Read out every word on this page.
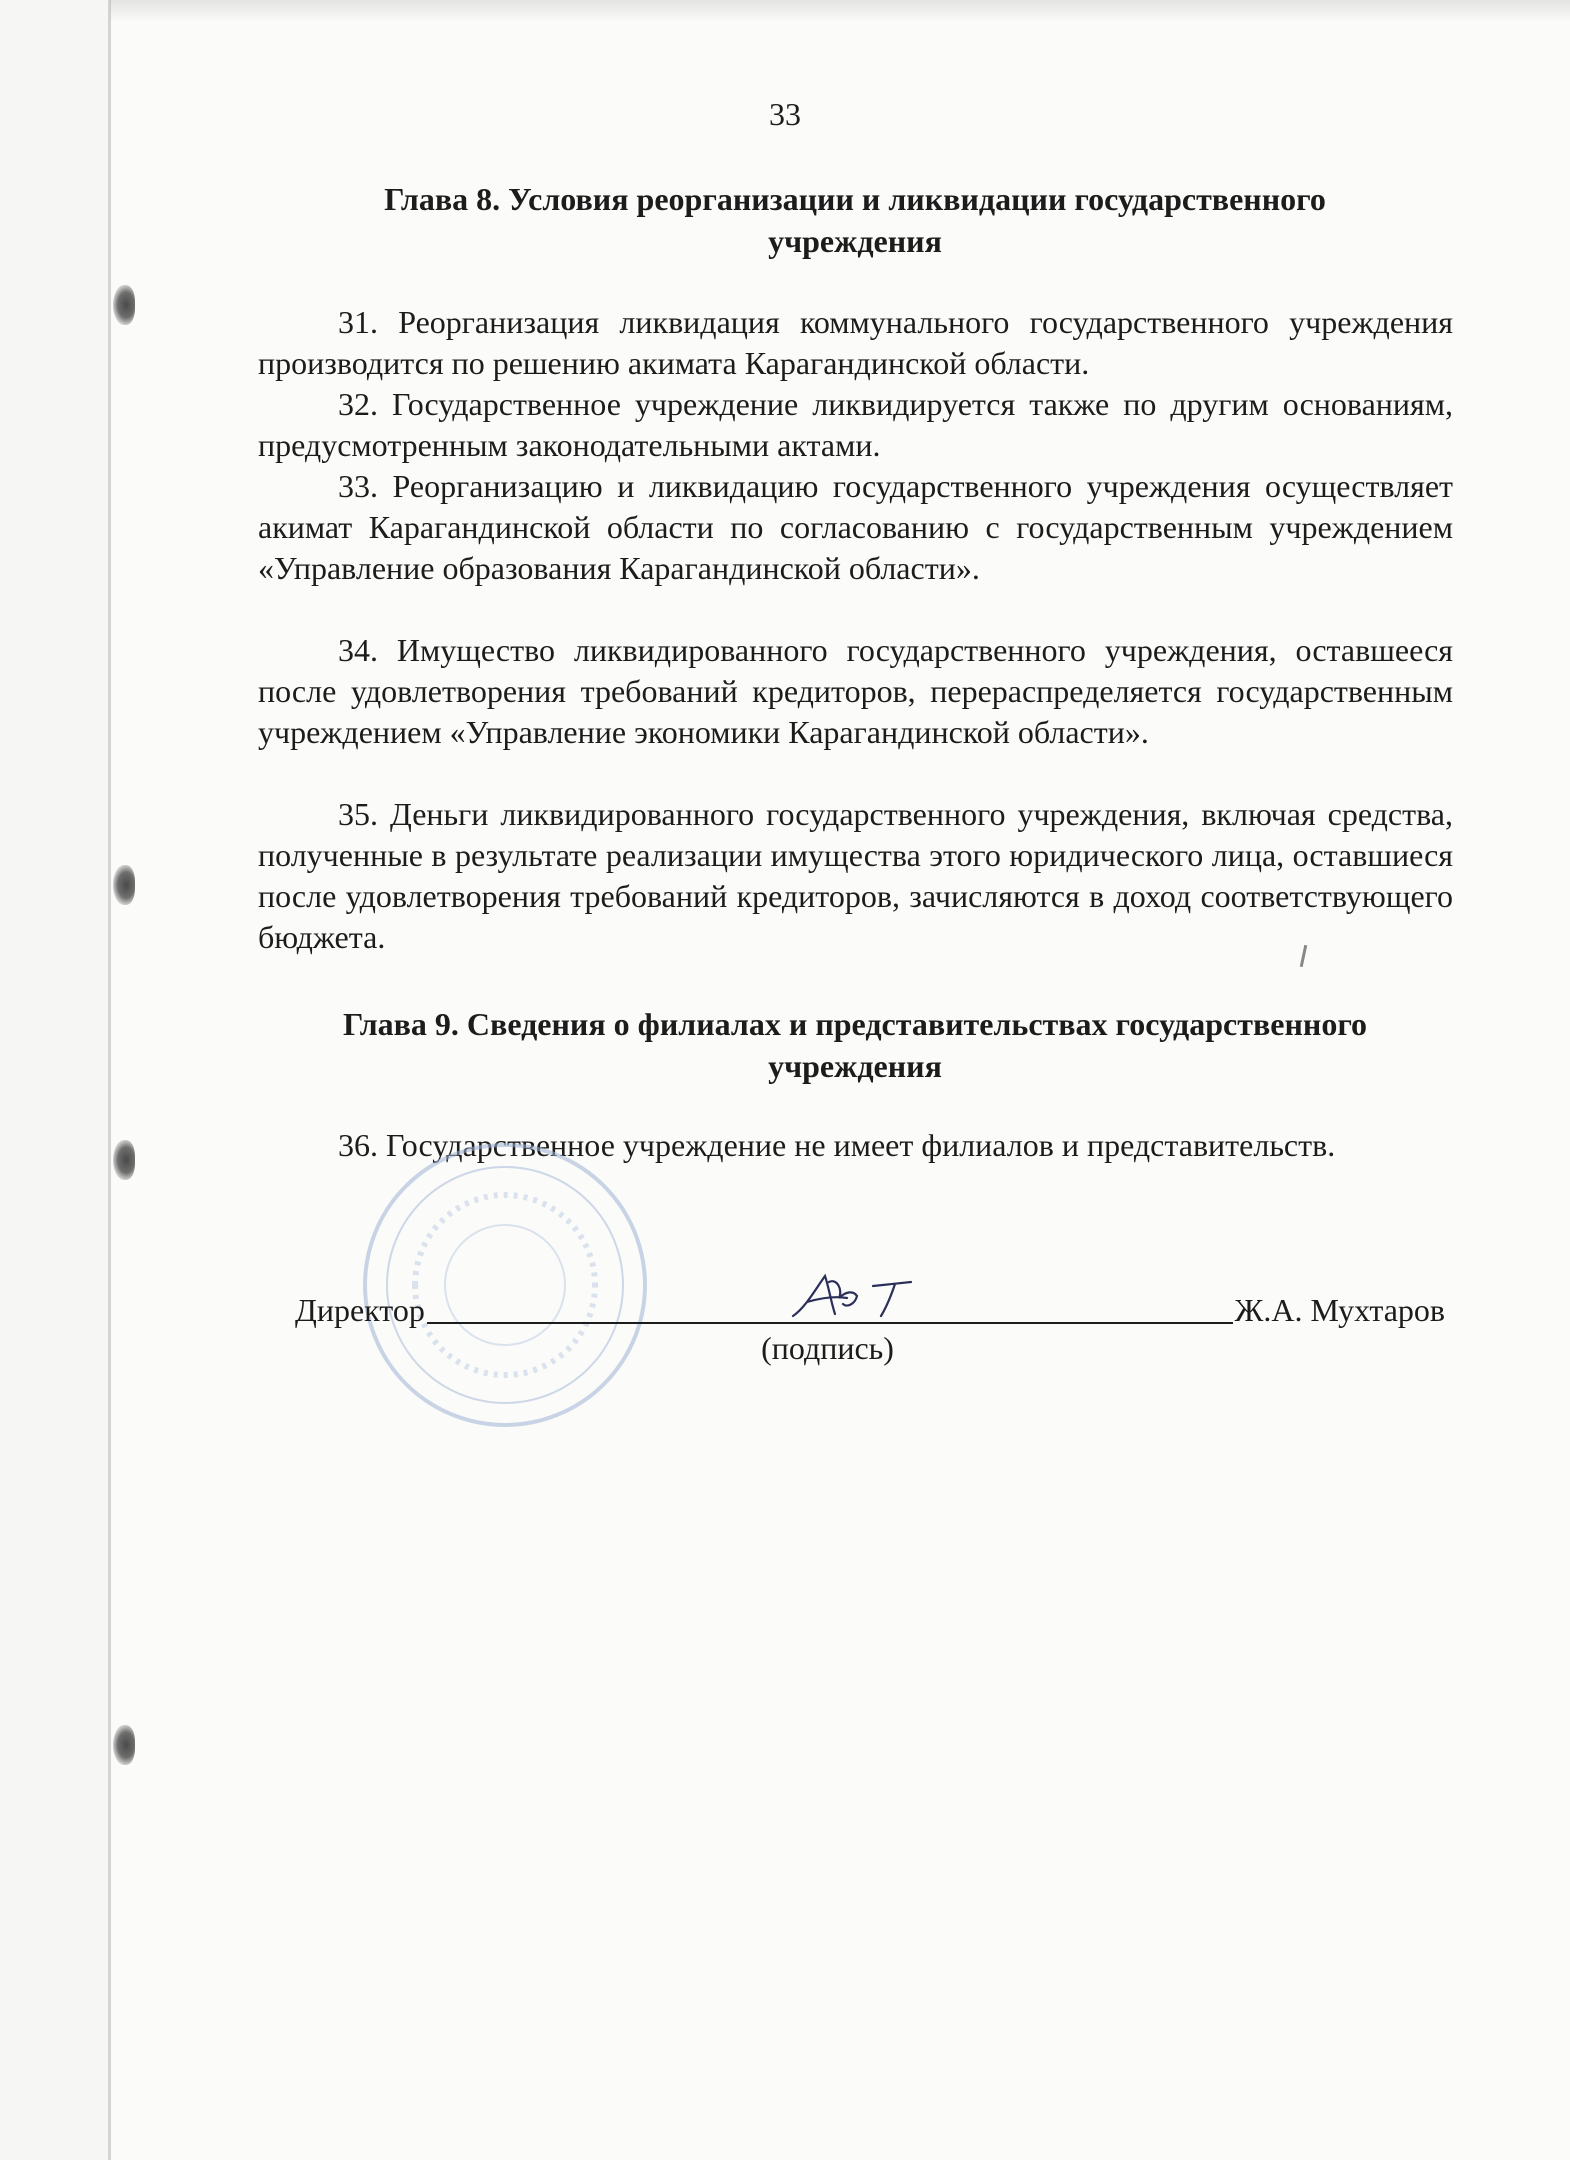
33
Глава 8. Условия реорганизации и ликвидации государственного
учреждения
31. Реорганизация ликвидация коммунального государственного учреждения производится по решению акимата Карагандинской области.
32. Государственное учреждение ликвидируется также по другим основаниям, предусмотренным законодательными актами.
33. Реорганизацию и ликвидацию государственного учреждения осуществляет акимат Карагандинской области по согласованию с государственным учреждением «Управление образования Карагандинской области».
34. Имущество ликвидированного государственного учреждения, оставшееся после удовлетворения требований кредиторов, перераспределяется государственным учреждением «Управление экономики Карагандинской области».
35. Деньги ликвидированного государственного учреждения, включая средства, полученные в результате реализации имущества этого юридического лица, оставшиеся после удовлетворения требований кредиторов, зачисляются в доход соответствующего бюджета.
Глава 9. Сведения о филиалах и представительствах государственного
учреждения
36. Государственное учреждение не имеет филиалов и представительств.
Директор	Ж.А. Мухтаров
(подпись)
